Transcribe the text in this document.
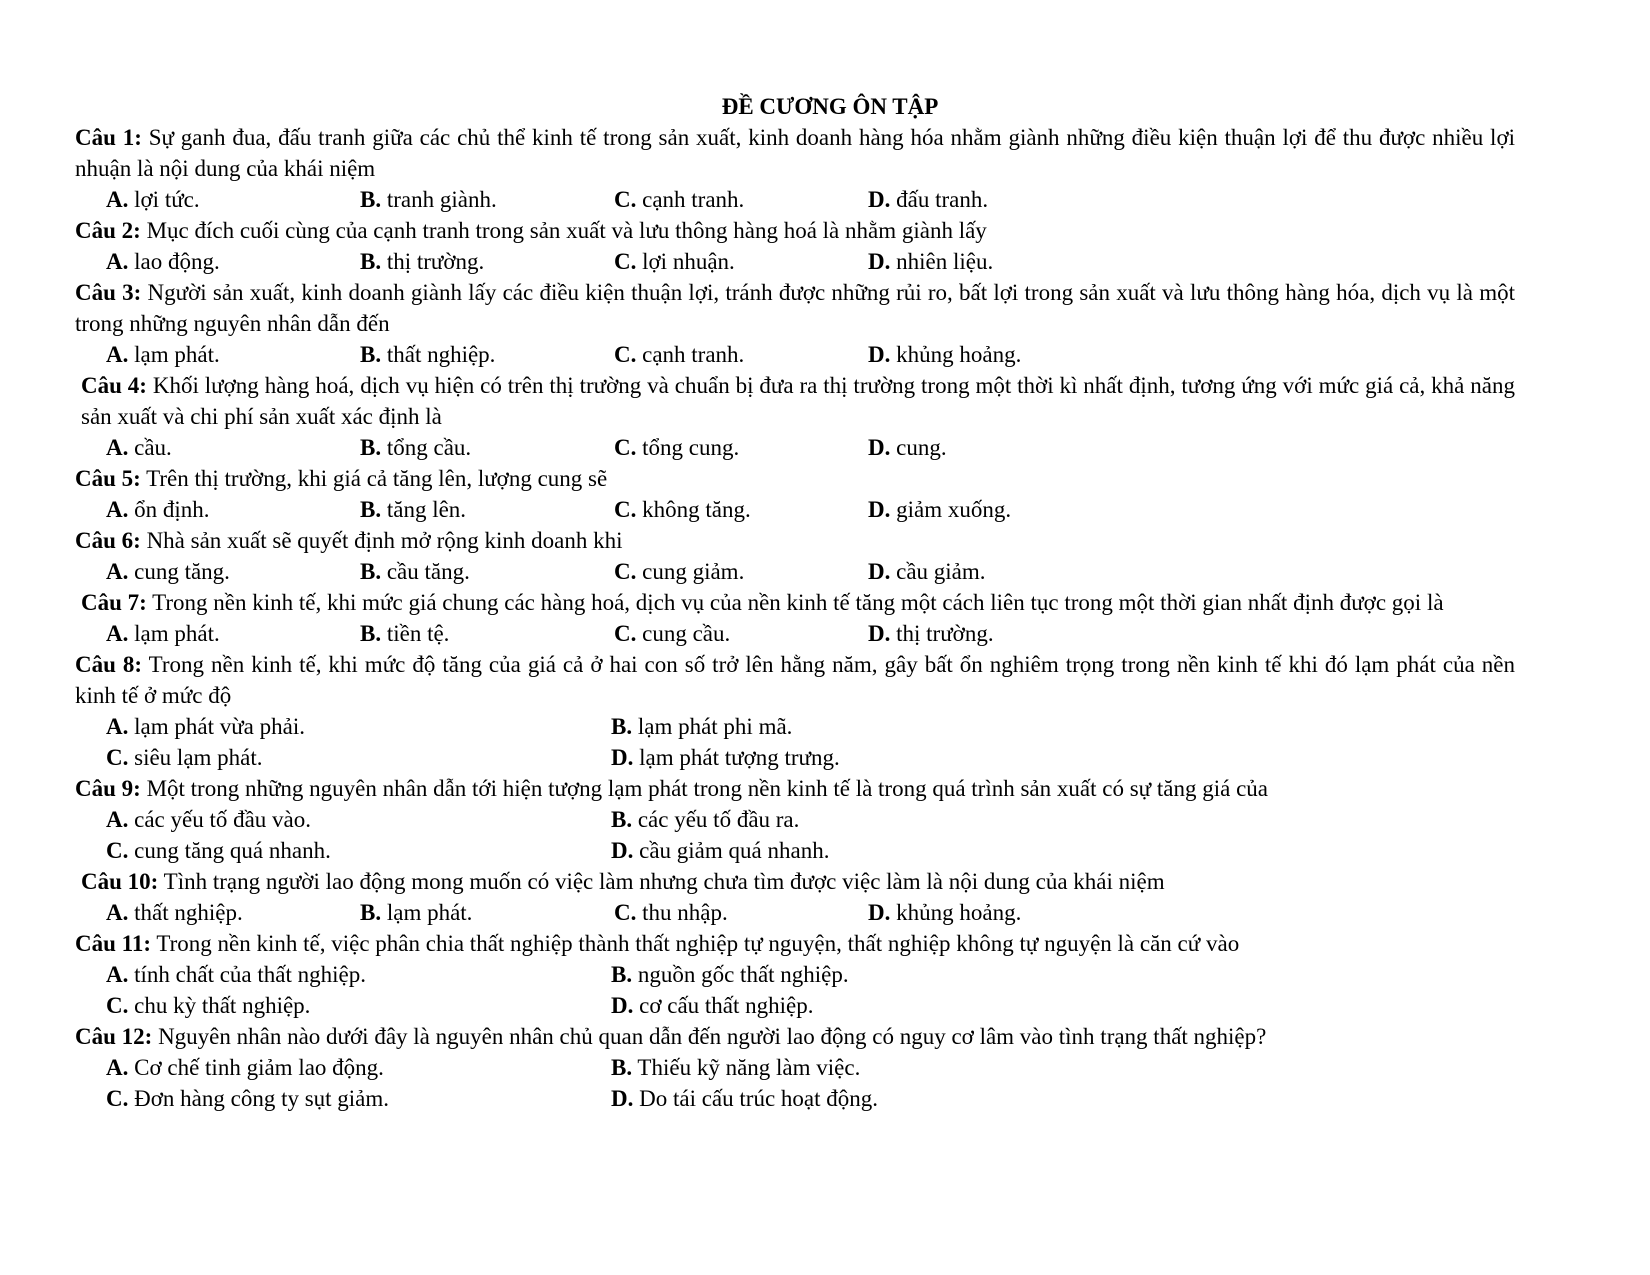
ĐỀ CƯƠNG ÔN TẬP

Câu 1: Sự ganh đua, đấu tranh giữa các chủ thể kinh tế trong sản xuất, kinh doanh hàng hóa nhằm giành những điều kiện thuận lợi để thu được nhiều lợi nhuận là nội dung của khái niệm

A. lợi tức.	B. tranh giành.	C. cạnh tranh.	D. đấu tranh.

Câu 2: Mục đích cuối cùng của cạnh tranh trong sản xuất và lưu thông hàng hoá là nhằm giành lấy

A. lao động.	B. thị trường.	C. lợi nhuận.	D. nhiên liệu.

Câu 3: Người sản xuất, kinh doanh giành lấy các điều kiện thuận lợi, tránh được những rủi ro, bất lợi trong sản xuất và lưu thông hàng hóa, dịch vụ là một trong những nguyên nhân dẫn đến

A. lạm phát.	B. thất nghiệp.	C. cạnh tranh.	D. khủng hoảng.

Câu 4: Khối lượng hàng hoá, dịch vụ hiện có trên thị trường và chuẩn bị đưa ra thị trường trong một thời kì nhất định, tương ứng với mức giá cả, khả năng sản xuất và chi phí sản xuất xác định là

A. cầu.	B. tổng cầu.	C. tổng cung.	D. cung.

Câu 5: Trên thị trường, khi giá cả tăng lên, lượng cung sẽ

A. ổn định.	B. tăng lên.	C. không tăng.	D. giảm xuống.

Câu 6: Nhà sản xuất sẽ quyết định mở rộng kinh doanh khi

A. cung tăng.	B. cầu tăng.	C. cung giảm.	D. cầu giảm.

Câu 7: Trong nền kinh tế, khi mức giá chung các hàng hoá, dịch vụ của nền kinh tế tăng một cách liên tục trong một thời gian nhất định được gọi là

A. lạm phát.	B. tiền tệ.	C. cung cầu.	D. thị trường.

Câu 8: Trong nền kinh tế, khi mức độ tăng của giá cả ở hai con số trở lên hằng năm, gây bất ổn nghiêm trọng trong nền kinh tế khi đó lạm phát của nền kinh tế ở mức độ

A. lạm phát vừa phải.	B. lạm phát phi mã.
C. siêu lạm phát.	D. lạm phát tượng trưng.

Câu 9: Một trong những nguyên nhân dẫn tới hiện tượng lạm phát trong nền kinh tế là trong quá trình sản xuất có sự tăng giá của

A. các yếu tố đầu vào.	B. các yếu tố đầu ra.
C. cung tăng quá nhanh.	D. cầu giảm quá nhanh.

Câu 10: Tình trạng người lao động mong muốn có việc làm nhưng chưa tìm được việc làm là nội dung của khái niệm

A. thất nghiệp.	B. lạm phát.	C. thu nhập.	D. khủng hoảng.

Câu 11: Trong nền kinh tế, việc phân chia thất nghiệp thành thất nghiệp tự nguyện, thất nghiệp không tự nguyện là căn cứ vào

A. tính chất của thất nghiệp.	B. nguồn gốc thất nghiệp.
C. chu kỳ thất nghiệp.	D. cơ cấu thất nghiệp.

Câu 12: Nguyên nhân nào dưới đây là nguyên nhân chủ quan dẫn đến người lao động có nguy cơ lâm vào tình trạng thất nghiệp?

A. Cơ chế tinh giảm lao động.	B. Thiếu kỹ năng làm việc.
C. Đơn hàng công ty sụt giảm.	D. Do tái cấu trúc hoạt động.
